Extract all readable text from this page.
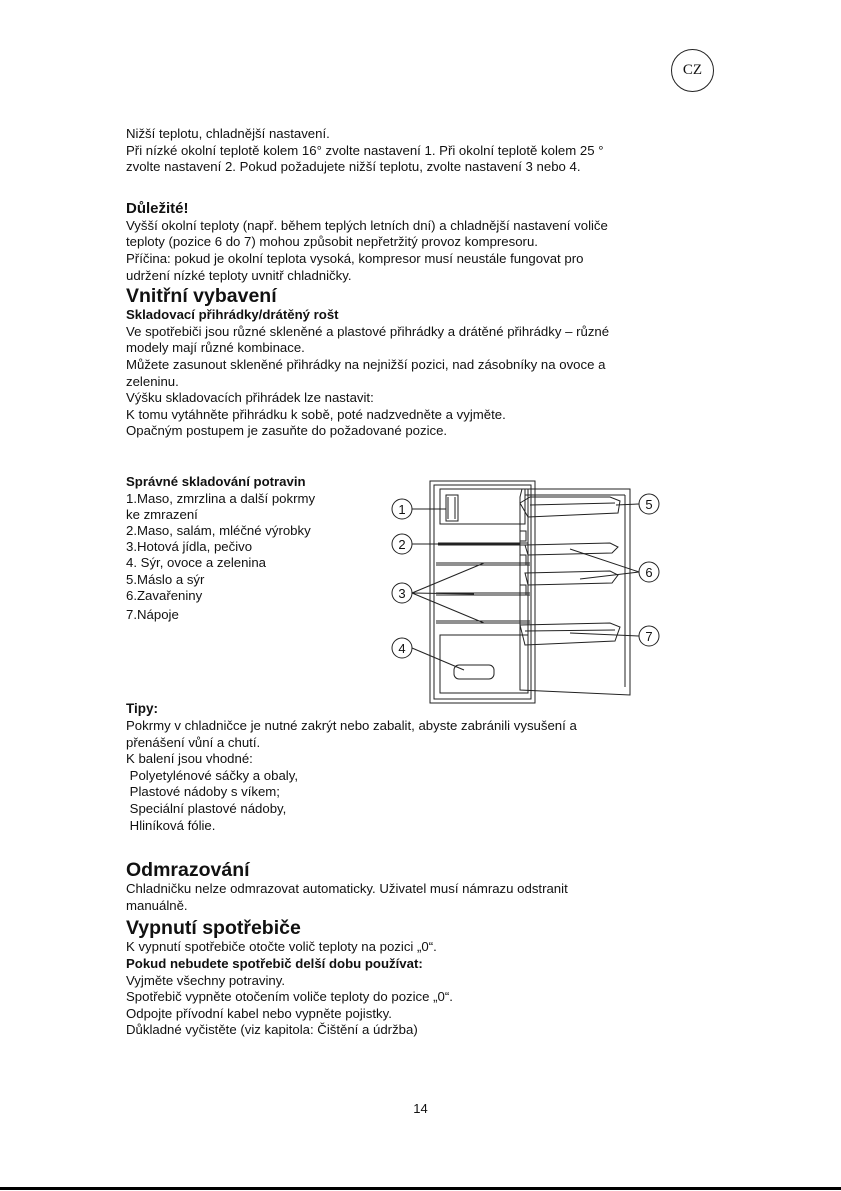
CZ

Nižší teplotu, chladnější nastavení.

Při nízké okolní teplotě kolem 16° zvolte nastavení 1. Při okolní teplotě kolem 25 °

zvolte nastavení 2. Pokud požadujete nižší teplotu, zvolte nastavení 3 nebo 4.

Důležité!

Vyšší okolní teploty (např. během teplých letních dní) a chladnější nastavení voliče

teploty (pozice 6 do 7) mohou způsobit nepřetržitý provoz kompresoru.

Příčina: pokud je okolní teplota vysoká, kompresor musí neustále fungovat pro

udržení nízké teploty uvnitř chladničky.

Vnitřní vybavení

Skladovací přihrádky/drátěný rošt

Ve spotřebiči jsou různé skleněné a plastové přihrádky a drátěné přihrádky – různé

modely mají různé kombinace.

Můžete zasunout skleněné přihrádky na nejnižší pozici, nad zásobníky na ovoce a

zeleninu.

Výšku skladovacích přihrádek lze nastavit:

K tomu vytáhněte přihrádku k sobě, poté nadzvedněte a vyjměte.

Opačným postupem je zasuňte do požadované pozice.

Správné skladování potravin

1.Maso, zmrzlina a další pokrmy

ke zmrazení

2.Maso, salám, mléčné výrobky

3.Hotová jídla, pečivo

4. Sýr, ovoce a zelenina

5.Máslo a sýr

6.Zavařeniny

7.Nápoje

1
2
3
4
5
6
7

Tipy:

Pokrmy v chladničce je nutné zakrýt nebo zabalit, abyste zabránili vysušení a

přenášení vůní a chutí.

K balení jsou vhodné:

Polyetylénové sáčky a obaly,

Plastové nádoby s víkem;

Speciální plastové nádoby,

Hliníková fólie.

Odmrazování

Chladničku nelze odmrazovat automaticky. Uživatel musí námrazu odstranit

manuálně.

Vypnutí spotřebiče

K vypnutí spotřebiče otočte volič teploty na pozici „0“.

Pokud nebudete spotřebič delší dobu používat:

Vyjměte všechny potraviny.

Spotřebič vypněte otočením voliče teploty do pozice „0“.

Odpojte přívodní kabel nebo vypněte pojistky.

Důkladné vyčistěte (viz kapitola: Čištění a údržba)

14
